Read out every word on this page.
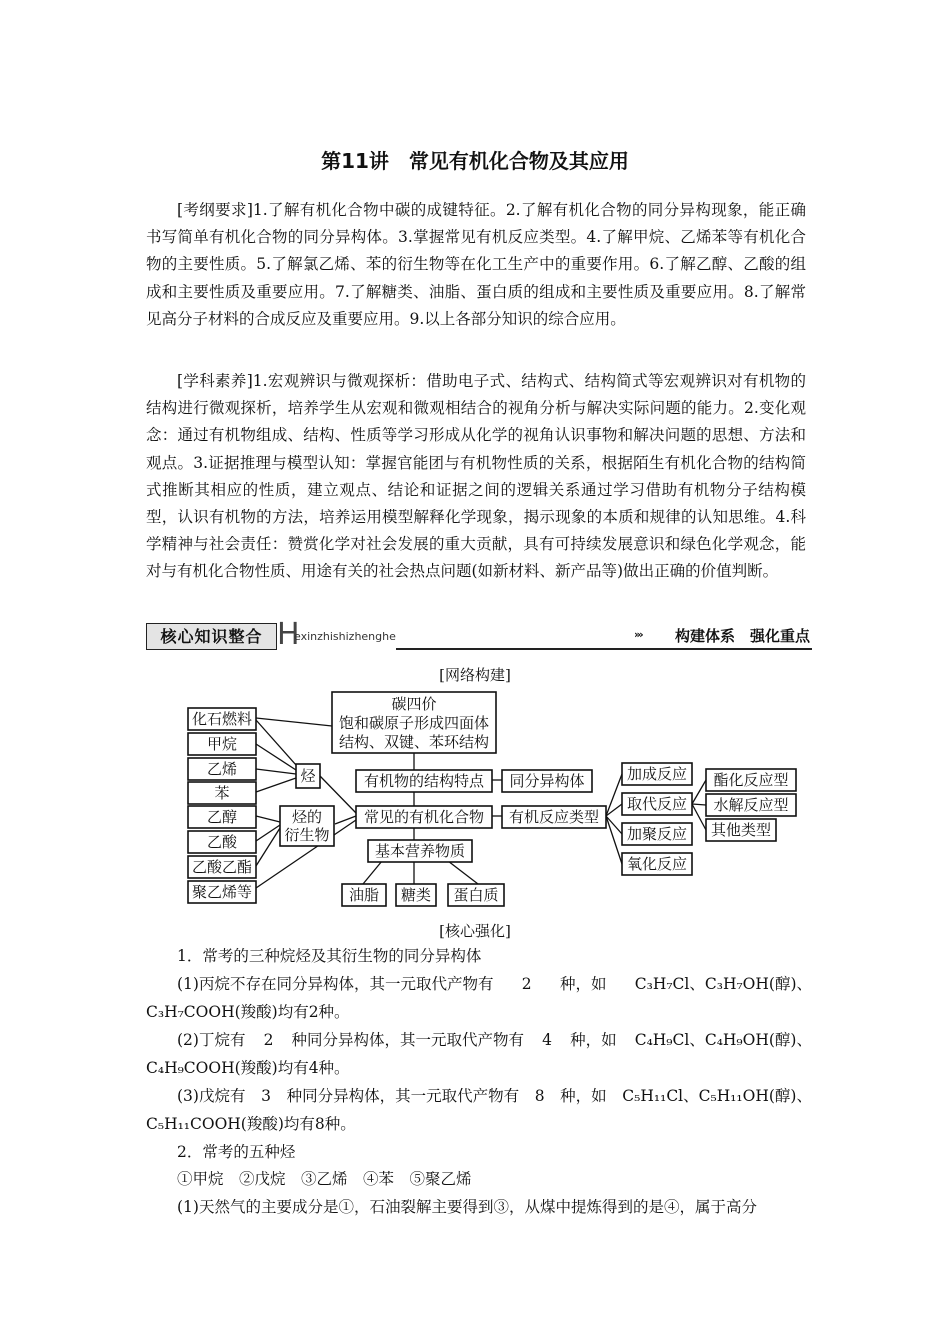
第11讲　常见有机化合物及其应用

[考纲要求]1.了解有机化合物中碳的成键特征。2.了解有机化合物的同分异构现象，能正确书写简单有机化合物的同分异构体。3.掌握常见有机反应类型。4.了解甲烷、乙烯苯等有机化合物的主要性质。5.了解氯乙烯、苯的衍生物等在化工生产中的重要作用。6.了解乙醇、乙酸的组成和主要性质及重要应用。7.了解糖类、油脂、蛋白质的组成和主要性质及重要应用。8.了解常见高分子材料的合成反应及重要应用。9.以上各部分知识的综合应用。

[学科素养]1.宏观辨识与微观探析：借助电子式、结构式、结构简式等宏观辨识对有机物的结构进行微观探析，培养学生从宏观和微观相结合的视角分析与解决实际问题的能力。2.变化观念：通过有机物组成、结构、性质等学习形成从化学的视角认识事物和解决问题的思想、方法和观点。3.证据推理与模型认知：掌握官能团与有机物性质的关系，根据陌生有机化合物的结构简式推断其相应的性质，建立观点、结论和证据之间的逻辑关系通过学习借助有机物分子结构模型，认识有机物的方法，培养运用模型解释化学现象，揭示现象的本质和规律的认知思维。4.科学精神与社会责任：赞赏化学对社会发展的重大贡献，具有可持续发展意识和绿色化学观念，能对与有机化合物性质、用途有关的社会热点问题(如新材料、新产品等)做出正确的价值判断。

核心知识整合 H
exinzhishizhenghe	››› 构建体系　强化重点
[网络构建]
化石燃料
甲烷
乙烯
苯
乙醇
乙酸
乙酸乙酯
聚乙烯等
烃
烃的
衍生物
碳四价
饱和碳原子形成四面体
结构、双键、苯环结构
有机物的结构特点 同分异构体
常见的有机化合物 有机反应类型
基本营养物质
油脂 糖类 蛋白质
加成反应
取代反应
加聚反应
氧化反应
酯化反应型
水解反应型
其他类型
[核心强化]

1．常考的三种烷烃及其衍生物的同分异构体

(1)丙烷不存在同分异构体，其一元取代产物有 2 种，如 C₃H₇Cl、C₃H₇OH(醇)、

C₃H₇COOH(羧酸)均有2种。

(2)丁烷有 2 种同分异构体，其一元取代产物有 4 种，如 C₄H₉Cl、C₄H₉OH(醇)、

C₄H₉COOH(羧酸)均有4种。

(3)戊烷有 3 种同分异构体，其一元取代产物有 8 种，如 C₅H₁₁Cl、C₅H₁₁OH(醇)、

C₅H₁₁COOH(羧酸)均有8种。

2．常考的五种烃

①甲烷　②戊烷　③乙烯　④苯　⑤聚乙烯

(1)天然气的主要成分是①，石油裂解主要得到③，从煤中提炼得到的是④，属于高分
